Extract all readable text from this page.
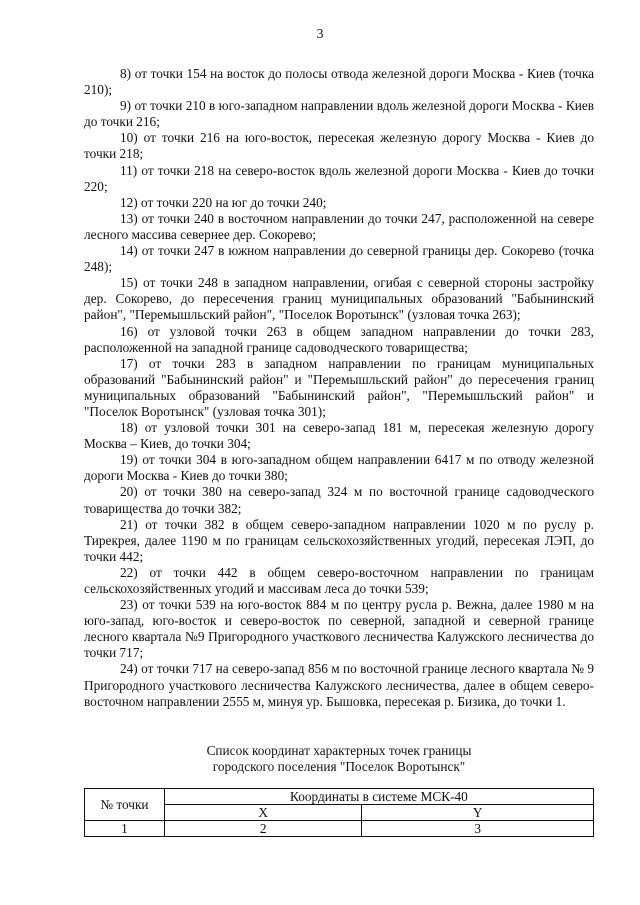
3

8) от точки 154 на восток до полосы отвода железной дороги Москва - Киев (точка 210);

9) от точки 210 в юго-западном направлении вдоль железной дороги Москва - Киев до точки 216;

10) от точки 216 на юго-восток, пересекая железную дорогу Москва - Киев до точки 218;

11) от точки 218 на северо-восток вдоль железной дороги Москва - Киев до точки 220;

12) от точки 220 на юг до точки 240;

13) от точки 240 в восточном направлении до точки 247, расположенной на севере лесного массива севернее дер. Сокорево;

14) от точки 247 в южном направлении до северной границы дер. Сокорево (точка 248);

15) от точки 248 в западном направлении, огибая с северной стороны застройку дер. Сокорево, до пересечения границ муниципальных образований "Бабынинский район", "Перемышльский район", "Поселок Воротынск" (узловая точка 263);

16) от узловой точки 263 в общем западном направлении до точки 283, расположенной на западной границе садоводческого товарищества;

17) от точки 283 в западном направлении по границам муниципальных образований "Бабынинский район" и "Перемышльский район" до пересечения границ муниципальных образований "Бабынинский район", "Перемышльский район" и "Поселок Воротынск" (узловая точка 301);

18) от узловой точки 301 на северо-запад 181 м, пересекая железную дорогу Москва – Киев, до точки 304;

19) от точки 304 в юго-западном общем направлении 6417 м по отводу железной дороги Москва - Киев до точки 380;

20) от точки 380 на северо-запад 324 м по восточной границе садоводческого товарищества до точки 382;

21) от точки 382 в общем северо-западном направлении 1020 м по руслу р. Тирекрея, далее 1190 м по границам сельскохозяйственных угодий, пересекая ЛЭП, до точки 442;

22) от точки 442 в общем северо-восточном направлении по границам сельскохозяйственных угодий и массивам леса до точки 539;

23) от точки 539 на юго-восток 884 м по центру русла р. Вежна, далее 1980 м на юго-запад, юго-восток и северо-восток по северной, западной и северной границе лесного квартала №9 Пригородного участкового лесничества Калужского лесничества до точки 717;

24) от точки 717 на северо-запад 856 м по восточной границе лесного квартала № 9 Пригородного участкового лесничества Калужского лесничества, далее в общем северо-восточном направлении 2555 м, минуя ур. Бышовка, пересекая р. Бизика, до точки 1.

Список координат характерных точек границы
городского поселения "Поселок Воротынск"
№ точки	Координаты в системе МСК-40	
	X	Y
1	2	3
